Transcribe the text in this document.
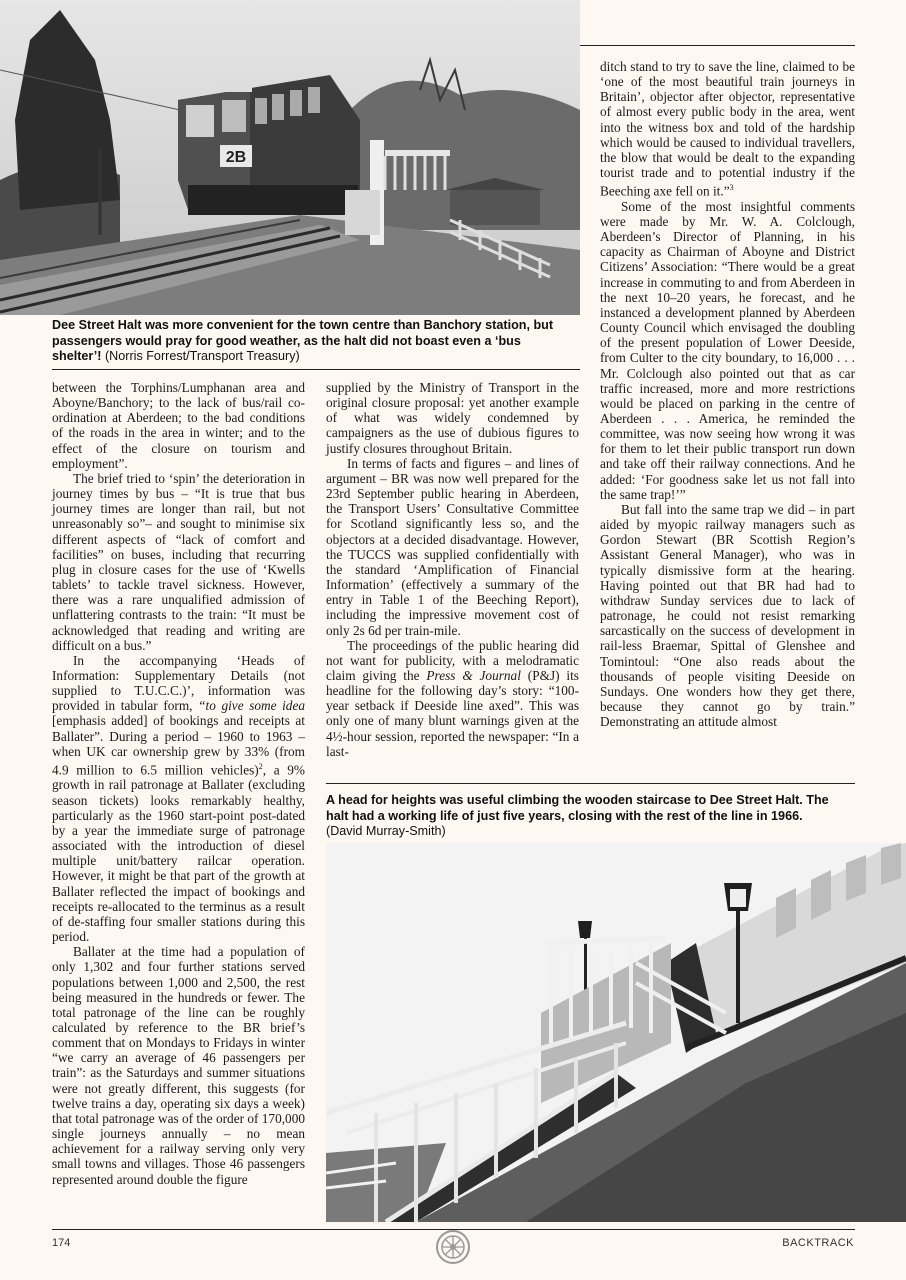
2B
Dee Street Halt was more convenient for the town centre than Banchory station, but passengers would pray for good weather, as the halt did not boast even a ‘bus shelter’! (Norris Forrest/Transport Treasury)

between the Torphins/Lumphanan area and Aboyne/Banchory; to the lack of bus/rail co-ordination at Aberdeen; to the bad conditions of the roads in the area in winter; and to the effect of the closure on tourism and employment”.

The brief tried to ‘spin’ the deterioration in journey times by bus – “It is true that bus journey times are longer than rail, but not unreasonably so”– and sought to minimise six different aspects of “lack of comfort and facilities” on buses, including that recurring plug in closure cases for the use of ‘Kwells tablets’ to tackle travel sickness. However, there was a rare unqualified admission of unflattering contrasts to the train: “It must be acknowledged that reading and writing are difficult on a bus.”

In the accompanying ‘Heads of Information: Supplementary Details (not supplied to T.U.C.C.)’, information was provided in tabular form, “to give some idea [emphasis added] of bookings and receipts at Ballater”. During a period – 1960 to 1963 – when UK car ownership grew by 33% (from 4.9 million to 6.5 million vehicles)$^2$, a 9% growth in rail patronage at Ballater (excluding season tickets) looks remarkably healthy, particularly as the 1960 start-point post-dated by a year the immediate surge of patronage associated with the introduction of diesel multiple unit/battery railcar operation. However, it might be that part of the growth at Ballater reflected the impact of bookings and receipts re-allocated to the terminus as a result of de-staffing four smaller stations during this period.

Ballater at the time had a population of only 1,302 and four further stations served populations between 1,000 and 2,500, the rest being measured in the hundreds or fewer. The total patronage of the line can be roughly calculated by reference to the BR brief’s comment that on Mondays to Fridays in winter “we carry an average of 46 passengers per train”: as the Saturdays and summer situations were not greatly different, this suggests (for twelve trains a day, operating six days a week) that total patronage was of the order of 170,000 single journeys annually – no mean achievement for a railway serving only very small towns and villages. Those 46 passengers represented around double the figure

supplied by the Ministry of Transport in the original closure proposal: yet another example of what was widely condemned by campaigners as the use of dubious figures to justify closures throughout Britain.

In terms of facts and figures – and lines of argument – BR was now well prepared for the 23rd September public hearing in Aberdeen, the Transport Users’ Consultative Committee for Scotland significantly less so, and the objectors at a decided disadvantage. However, the TUCCS was supplied confidentially with the standard ‘Amplification of Financial Information’ (effectively a summary of the entry in Table 1 of the Beeching Report), including the impressive movement cost of only 2s 6d per train-mile.

The proceedings of the public hearing did not want for publicity, with a melodramatic claim giving the Press & Journal (P&J) its headline for the following day’s story: “100-year setback if Deeside line axed”. This was only one of many blunt warnings given at the 4½-hour session, reported the newspaper: “In a last-

ditch stand to try to save the line, claimed to be ‘one of the most beautiful train journeys in Britain’, objector after objector, representative of almost every public body in the area, went into the witness box and told of the hardship which would be caused to individual travellers, the blow that would be dealt to the expanding tourist trade and to potential industry if the Beeching axe fell on it.”$^3$

Some of the most insightful comments were made by Mr. W. A. Colclough, Aberdeen’s Director of Planning, in his capacity as Chairman of Aboyne and District Citizens’ Association: “There would be a great increase in commuting to and from Aberdeen in the next 10–20 years, he forecast, and he instanced a development planned by Aberdeen County Council which envisaged the doubling of the present population of Lower Deeside, from Culter to the city boundary, to 16,000 . . . Mr. Colclough also pointed out that as car traffic increased, more and more restrictions would be placed on parking in the centre of Aberdeen . . . America, he reminded the committee, was now seeing how wrong it was for them to let their public transport run down and take off their railway connections. And he added: ‘For goodness sake let us not fall into the same trap!’”

But fall into the same trap we did – in part aided by myopic railway managers such as Gordon Stewart (BR Scottish Region’s Assistant General Manager), who was in typically dismissive form at the hearing. Having pointed out that BR had had to withdraw Sunday services due to lack of patronage, he could not resist remarking sarcastically on the success of development in rail-less Braemar, Spittal of Glenshee and Tomintoul: “One also reads about the thousands of people visiting Deeside on Sundays. One wonders how they get there, because they cannot go by train.” Demonstrating an attitude almost

A head for heights was useful climbing the wooden staircase to Dee Street Halt. The halt had a working life of just five years, closing with the rest of the line in 1966. (David Murray-Smith)
174	BACKTRACK
